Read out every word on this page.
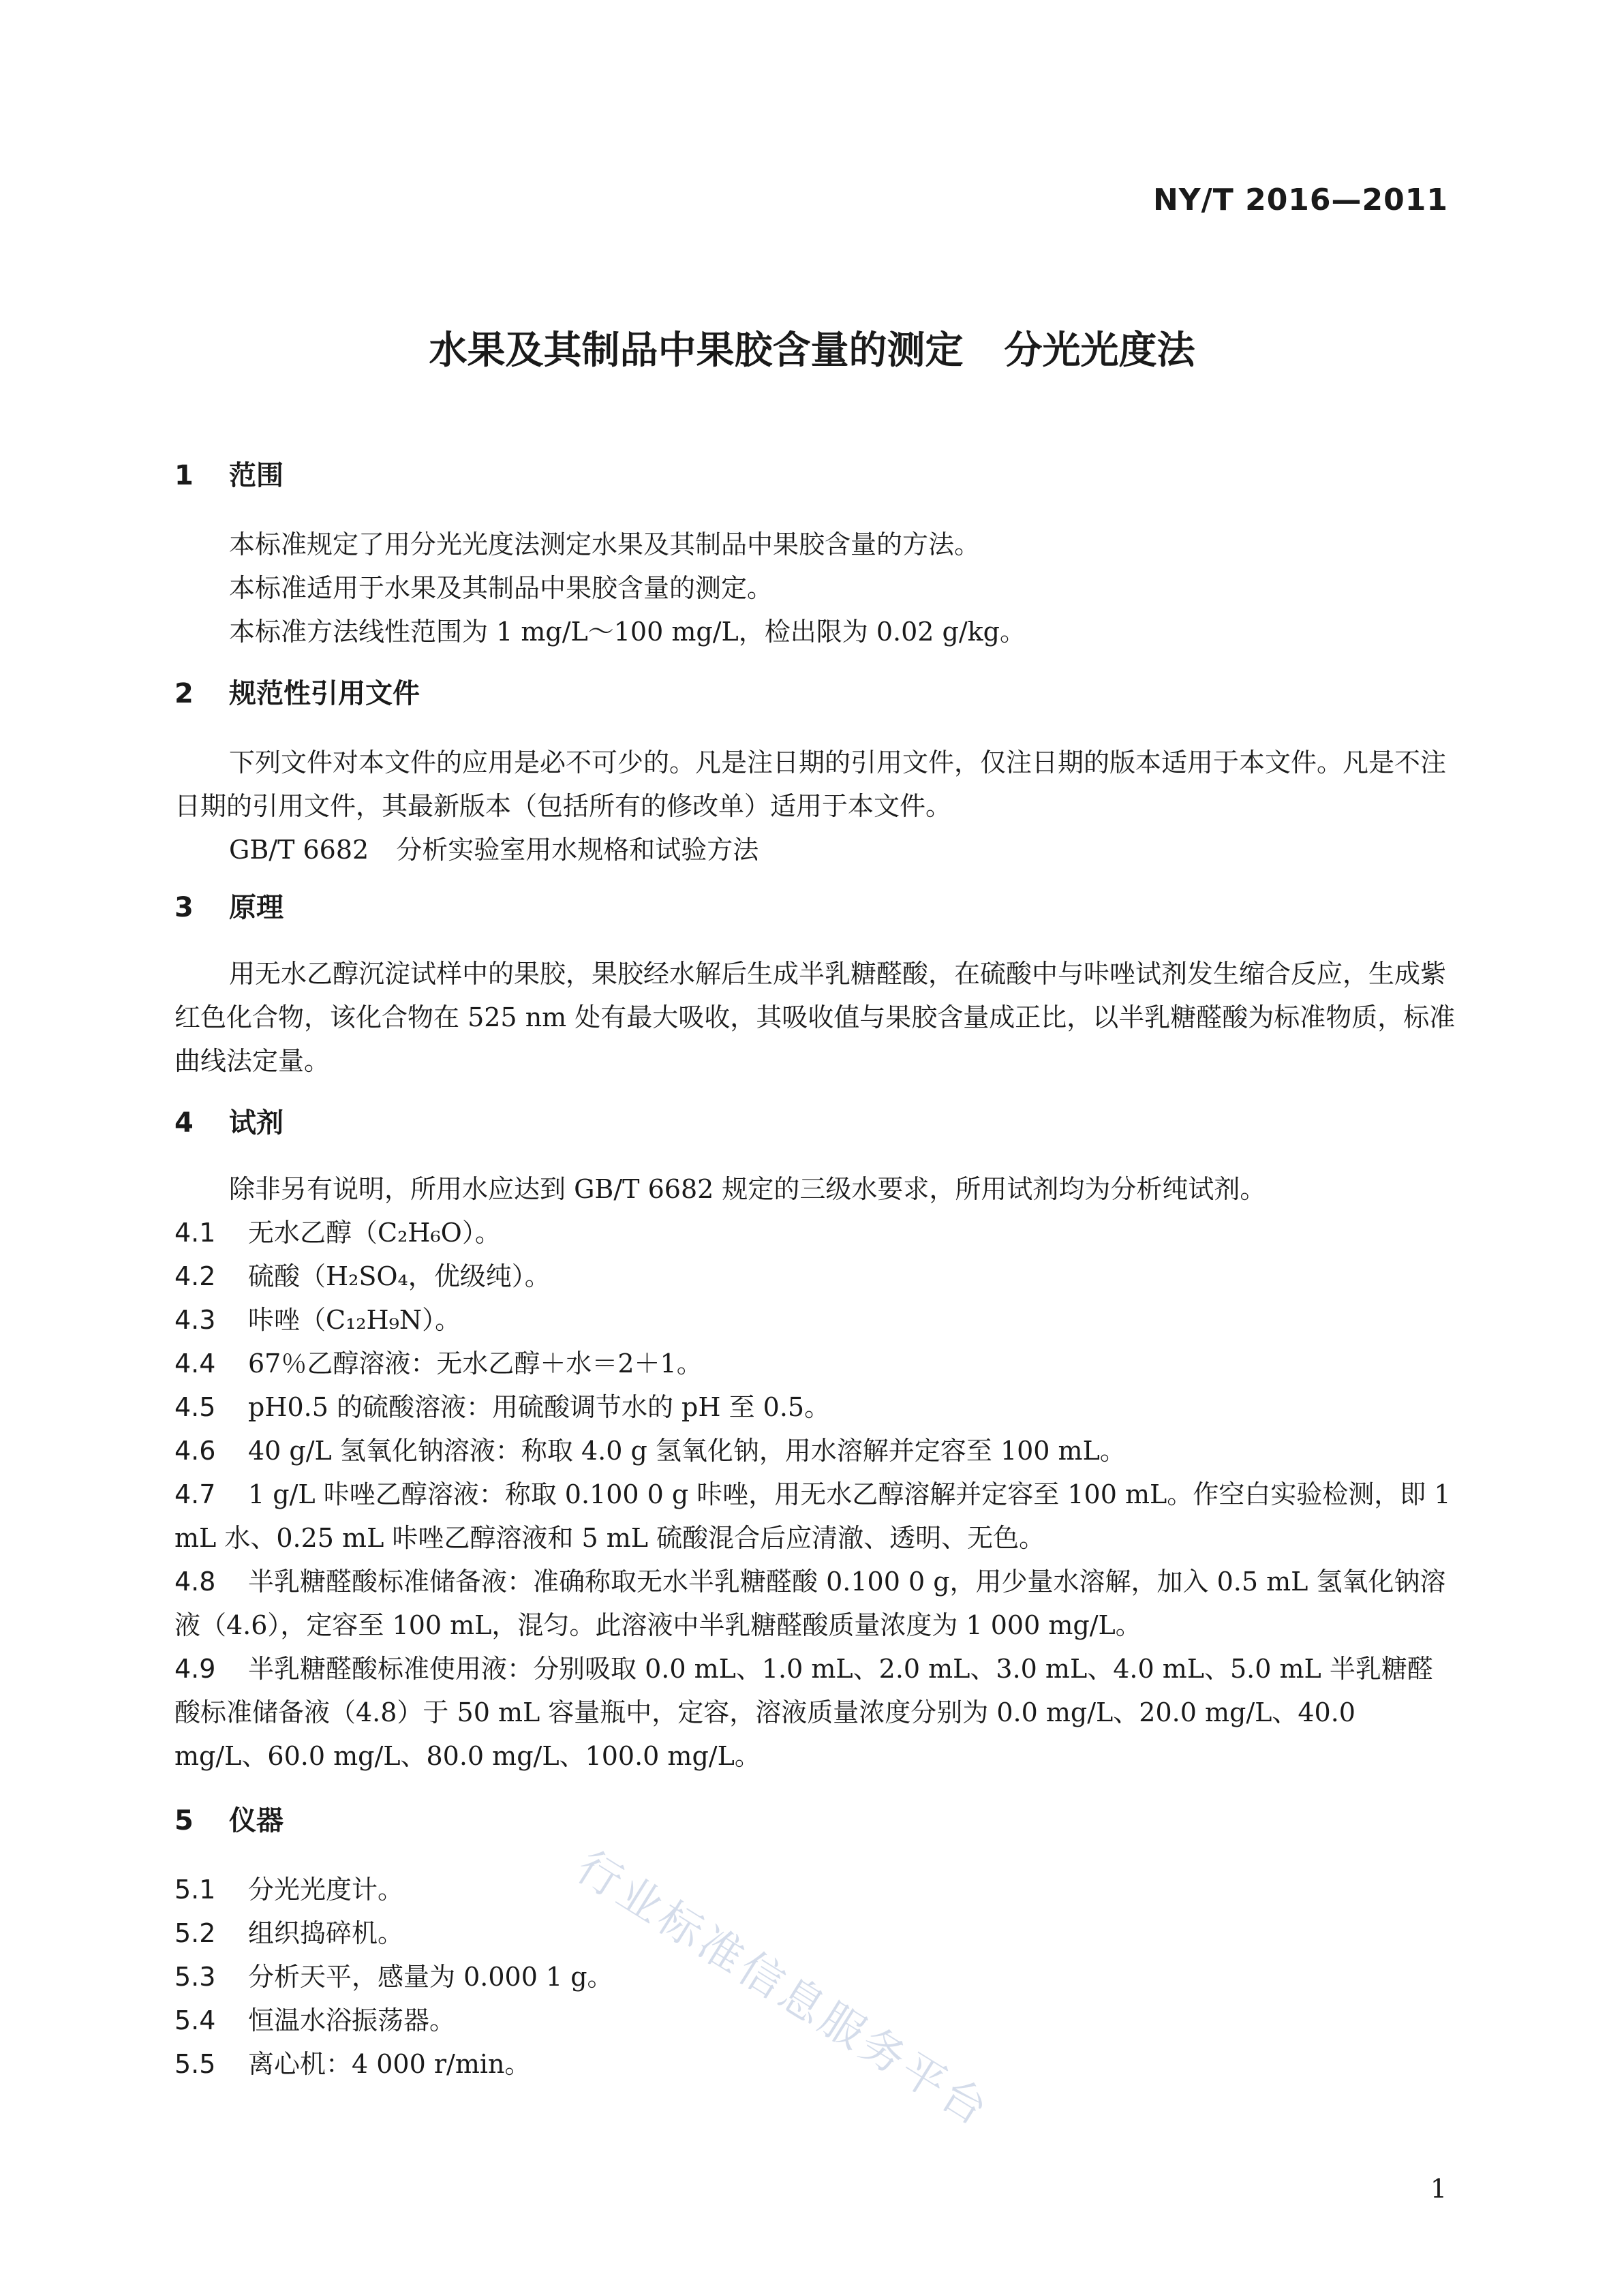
NY/T 2016—2011
水果及其制品中果胶含量的测定 分光光度法
1 范围
本标准规定了用分光光度法测定水果及其制品中果胶含量的方法。
本标准适用于水果及其制品中果胶含量的测定。
本标准方法线性范围为 1 mg/L～100 mg/L，检出限为 0.02 g/kg。
2 规范性引用文件
下列文件对本文件的应用是必不可少的。凡是注日期的引用文件，仅注日期的版本适用于本文件。凡是不注日期的引用文件，其最新版本（包括所有的修改单）适用于本文件。
GB/T 6682 分析实验室用水规格和试验方法
3 原理
用无水乙醇沉淀试样中的果胶，果胶经水解后生成半乳糖醛酸，在硫酸中与咔唑试剂发生缩合反应，生成紫红色化合物，该化合物在 525 nm 处有最大吸收，其吸收值与果胶含量成正比，以半乳糖醛酸为标准物质，标准曲线法定量。
4 试剂
除非另有说明，所用水应达到 GB/T 6682 规定的三级水要求，所用试剂均为分析纯试剂。
4.1 无水乙醇（C₂H₆O）。
4.2 硫酸（H₂SO₄，优级纯）。
4.3 咔唑（C₁₂H₉N）。
4.4 67％乙醇溶液：无水乙醇＋水＝2＋1。
4.5 pH0.5 的硫酸溶液：用硫酸调节水的 pH 至 0.5。
4.6 40 g/L 氢氧化钠溶液：称取 4.0 g 氢氧化钠，用水溶解并定容至 100 mL。
4.7 1 g/L 咔唑乙醇溶液：称取 0.100 0 g 咔唑，用无水乙醇溶解并定容至 100 mL。作空白实验检测，即 1 mL 水、0.25 mL 咔唑乙醇溶液和 5 mL 硫酸混合后应清澈、透明、无色。
4.8 半乳糖醛酸标准储备液：准确称取无水半乳糖醛酸 0.100 0 g，用少量水溶解，加入 0.5 mL 氢氧化钠溶液（4.6），定容至 100 mL，混匀。此溶液中半乳糖醛酸质量浓度为 1 000 mg/L。
4.9 半乳糖醛酸标准使用液：分别吸取 0.0 mL、1.0 mL、2.0 mL、3.0 mL、4.0 mL、5.0 mL 半乳糖醛酸标准储备液（4.8）于 50 mL 容量瓶中，定容，溶液质量浓度分别为 0.0 mg/L、20.0 mg/L、40.0 mg/L、60.0 mg/L、80.0 mg/L、100.0 mg/L。
5 仪器
5.1 分光光度计。
5.2 组织捣碎机。
5.3 分析天平，感量为 0.000 1 g。
5.4 恒温水浴振荡器。
5.5 离心机：4 000 r/min。 行业标准信息服务平台
1
